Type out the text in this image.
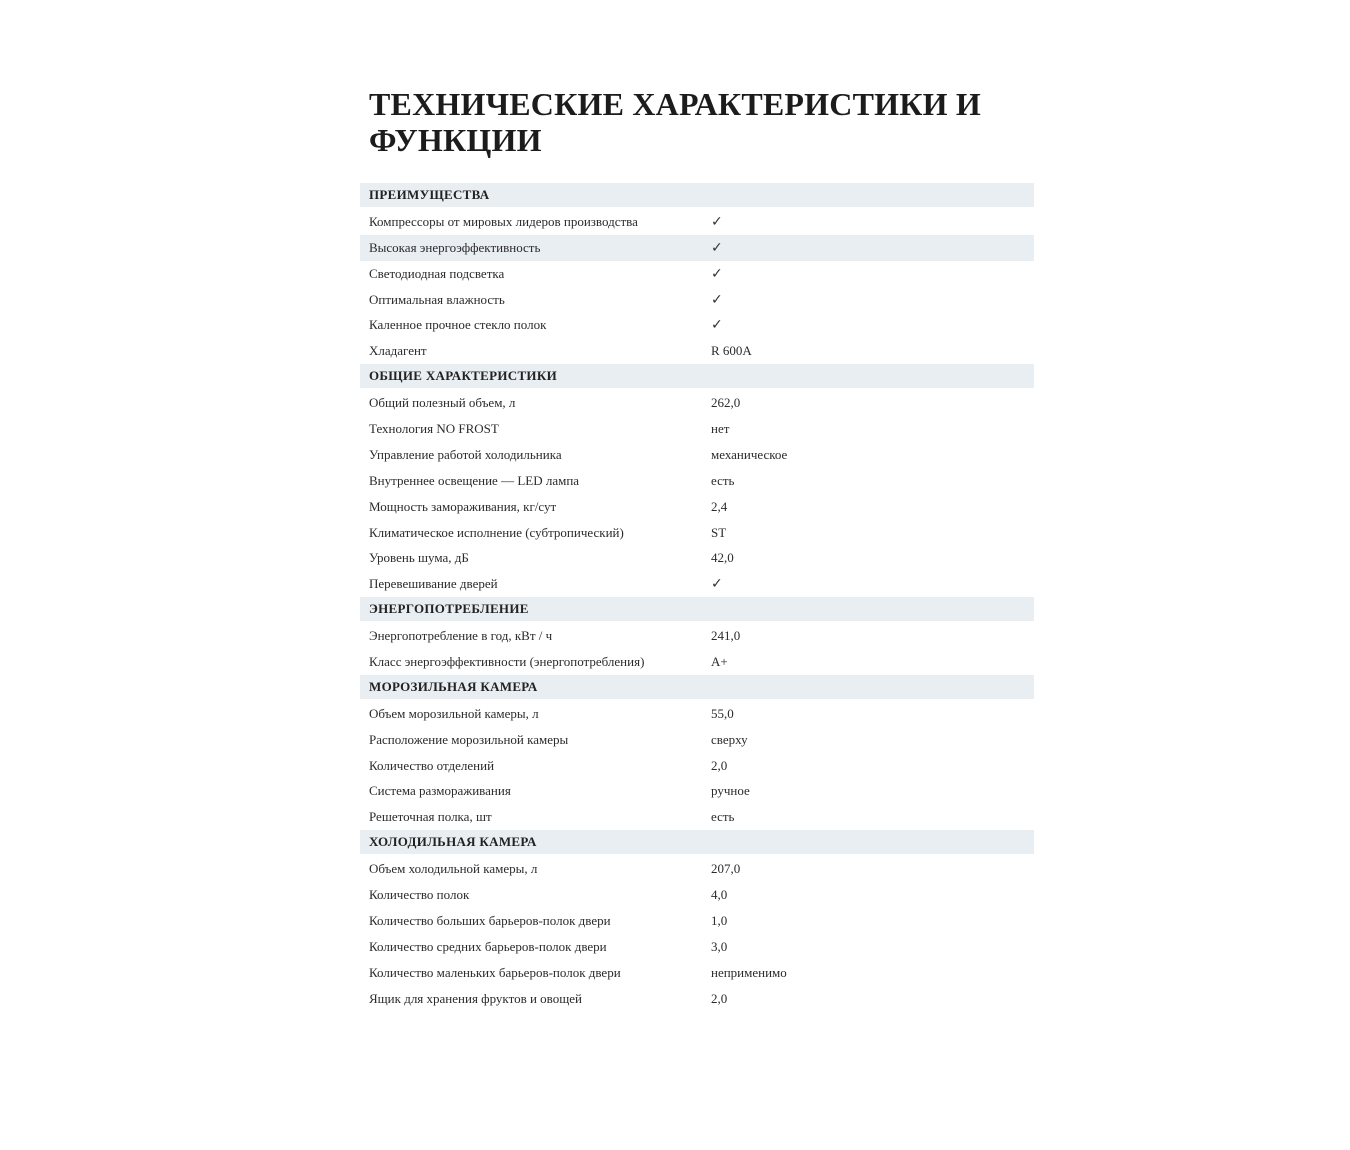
ТЕХНИЧЕСКИЕ ХАРАКТЕРИСТИКИ И ФУНКЦИИ
ПРЕИМУЩЕСТВА
Компрессоры от мировых лидеров производства	✓
Высокая энергоэффективность	✓
Светодиодная подсветка	✓
Оптимальная влажность	✓
Каленное прочное стекло полок	✓
Хладагент	R 600A
ОБЩИЕ ХАРАКТЕРИСТИКИ
Общий полезный объем, л	262,0
Технология NO FROST	нет
Управление работой холодильника	механическое
Внутреннее освещение — LED лампа	есть
Мощность замораживания, кг/сут	2,4
Климатическое исполнение (субтропический)	ST
Уровень шума, дБ	42,0
Перевешивание дверей	✓
ЭНЕРГОПОТРЕБЛЕНИЕ
Энергопотребление в год, кВт / ч	241,0
Класс энергоэффективности (энергопотребления)	A+
МОРОЗИЛЬНАЯ КАМЕРА
Объем морозильной камеры, л	55,0
Расположение морозильной камеры	сверху
Количество отделений	2,0
Система размораживания	ручное
Решеточная полка, шт	есть
ХОЛОДИЛЬНАЯ КАМЕРА
Объем холодильной камеры, л	207,0
Количество полок	4,0
Количество больших барьеров-полок двери	1,0
Количество средних барьеров-полок двери	3,0
Количество маленьких барьеров-полок двери	неприменимо
Ящик для хранения фруктов и овощей	2,0
